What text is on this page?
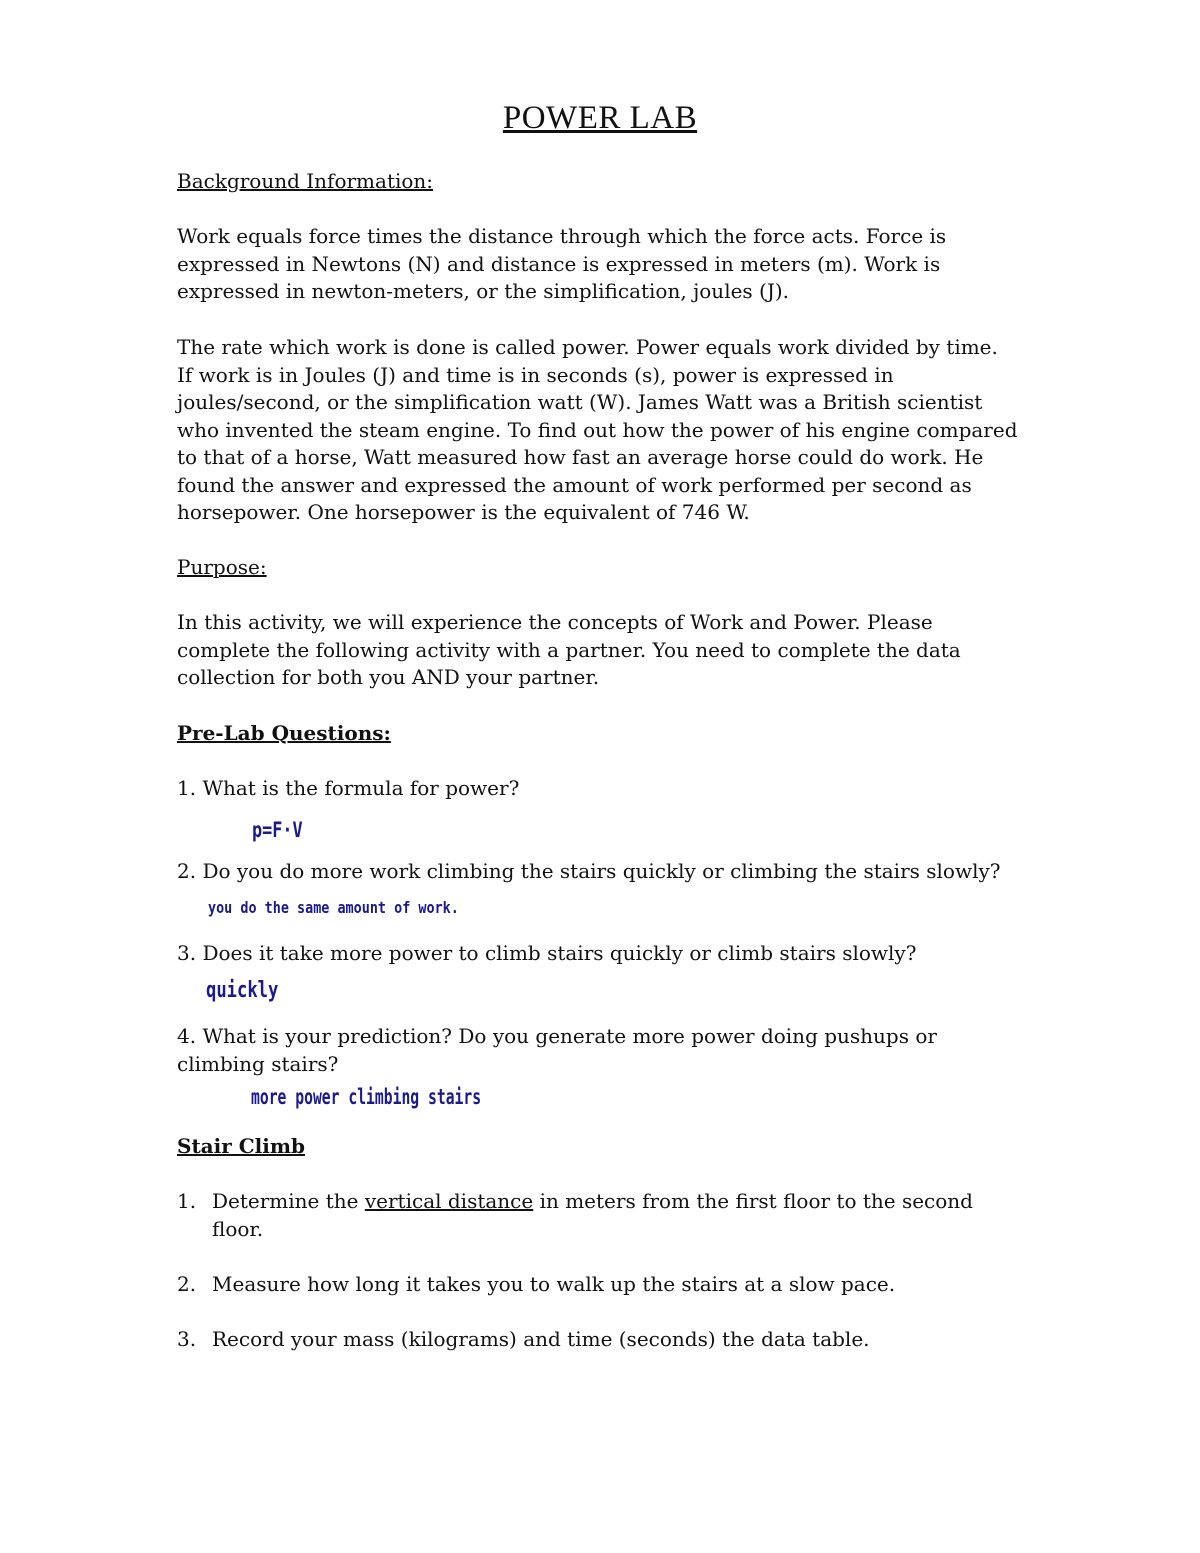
POWER LAB
Background Information:
Work equals force times the distance through which the force acts. Force is
expressed in Newtons (N) and distance is expressed in meters (m). Work is
expressed in newton-meters, or the simplification, joules (J).
The rate which work is done is called power. Power equals work divided by time.
If work is in Joules (J) and time is in seconds (s), power is expressed in
joules/second, or the simplification watt (W). James Watt was a British scientist
who invented the steam engine. To find out how the power of his engine compared
to that of a horse, Watt measured how fast an average horse could do work. He
found the answer and expressed the amount of work performed per second as
horsepower. One horsepower is the equivalent of 746 W.
Purpose:
In this activity, we will experience the concepts of Work and Power. Please
complete the following activity with a partner. You need to complete the data
collection for both you AND your partner.
Pre-Lab Questions:
1. What is the formula for power?
p=F·V
2. Do you do more work climbing the stairs quickly or climbing the stairs slowly?
you do the same amount of work.
3. Does it take more power to climb stairs quickly or climb stairs slowly?
quickly
4. What is your prediction? Do you generate more power doing pushups or
climbing stairs?
more power climbing stairs
Stair Climb
1. Determine the vertical distance in meters from the first floor to the second
floor.
2. Measure how long it takes you to walk up the stairs at a slow pace.
3. Record your mass (kilograms) and time (seconds) the data table.
